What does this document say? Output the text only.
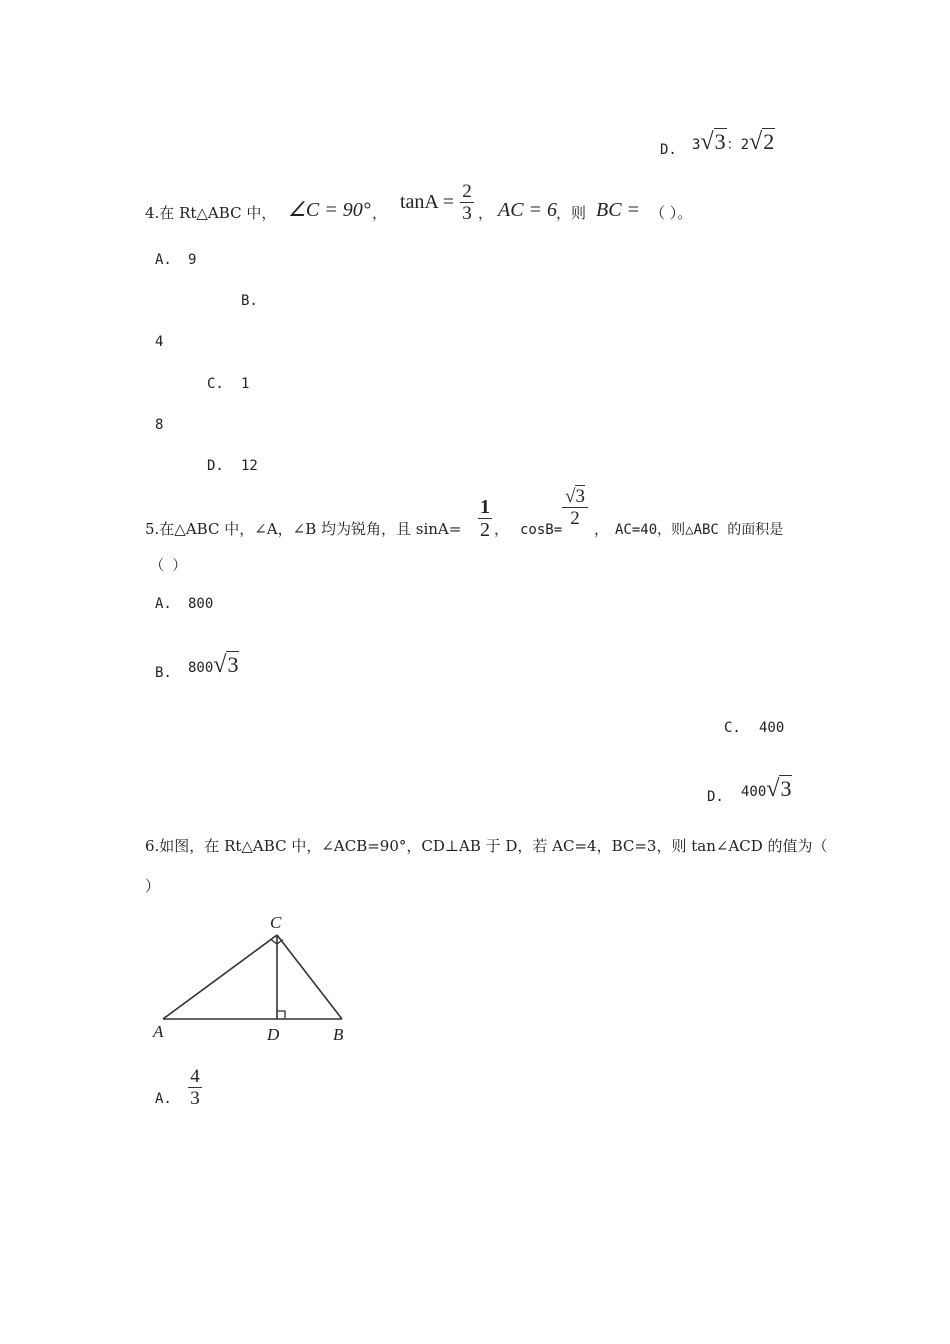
D. 3√3：2√2
4.在 Rt△ABC 中， ∠C = 90° ， tanA = 2
3 ， AC = 6
，则 BC = （ ）。
A. 9
B.
4
C. 1
8
D. 12
5.在△ABC 中，∠A，∠B 均为锐角，且 sinA=
1
2 ， cosB=
√3
2 ， AC=40，则△ABC 的面积是
（ ）
A. 800
B. 800√3
C. 400
D. 400√3
6.如图，在 Rt△ABC 中，∠ACB=90°，CD⊥AB 于 D，若 AC=4，BC=3，则 tan∠ACD 的值为（
）
C
A	D	B
A.
4
3
